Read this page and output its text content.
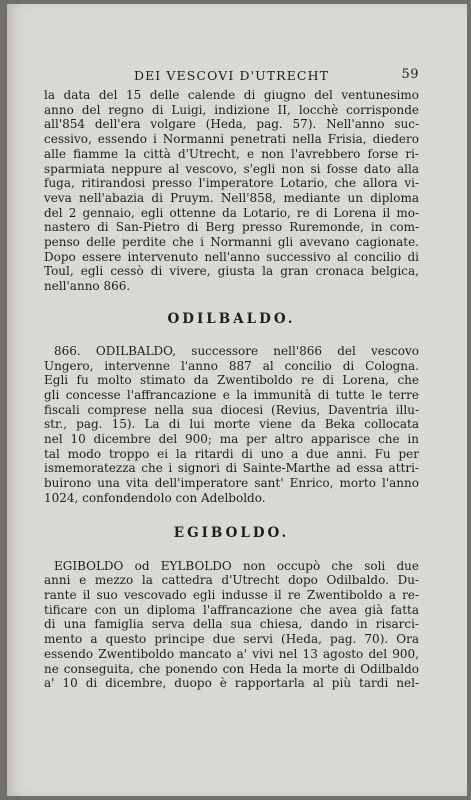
DEI VESCOVI D'UTRECHT	59

la data del 15 delle calende di giugno del ventunesimo
anno del regno di Luigi, indizione II, locchè corrisponde
all'854 dell'era volgare (Heda, pag. 57). Nell'anno suc-
cessivo, essendo i Normanni penetrati nella Frisia, diedero
alle fiamme la città d'Utrecht, e non l'avrebbero forse ri-
sparmiata neppure al vescovo, s'egli non si fosse dato alla
fuga, ritirandosi presso l'imperatore Lotario, che allora vi-
veva nell'abazia di Pruym. Nell'858, mediante un diploma
del 2 gennaio, egli ottenne da Lotario, re di Lorena il mo-
nastero di San-Pietro di Berg presso Ruremonde, in com-
penso delle perdite che i Normanni gli avevano cagionate.
Dopo essere intervenuto nell'anno successivo al concilio di
Toul, egli cessò di vivere, giusta la gran cronaca belgica,
nell'anno 866.

ODILBALDO.

866. ODILBALDO, successore nell'866 del vescovo
Ungero, intervenne l'anno 887 al concilio di Cologna.
Egli fu molto stimato da Zwentiboldo re di Lorena, che
gli concesse l'affrancazione e la immunità di tutte le terre
fiscali comprese nella sua diocesi (Revius, Daventria illu-
str., pag. 15). La di lui morte viene da Beka collocata
nel 10 dicembre del 900; ma per altro apparisce che in
tal modo troppo ei la ritardi di uno a due anni. Fu per
ismemoratezza che i signori di Sainte-Marthe ad essa attri-
buirono una vita dell'imperatore sant' Enrico, morto l'anno
1024, confondendolo con Adelboldo.

EGIBOLDO.

EGIBOLDO od EYLBOLDO non occupò che soli due
anni e mezzo la cattedra d'Utrecht dopo Odilbaldo. Du-
rante il suo vescovado egli indusse il re Zwentiboldo a re-
tificare con un diploma l'affrancazione che avea già fatta
di una famiglia serva della sua chiesa, dando in risarci-
mento a questo principe due servi (Heda, pag. 70). Ora
essendo Zwentiboldo mancato a' vivi nel 13 agosto del 900,
ne conseguita, che ponendo con Heda la morte di Odilbaldo
a' 10 di dicembre, duopo è rapportarla al più tardi nel-
